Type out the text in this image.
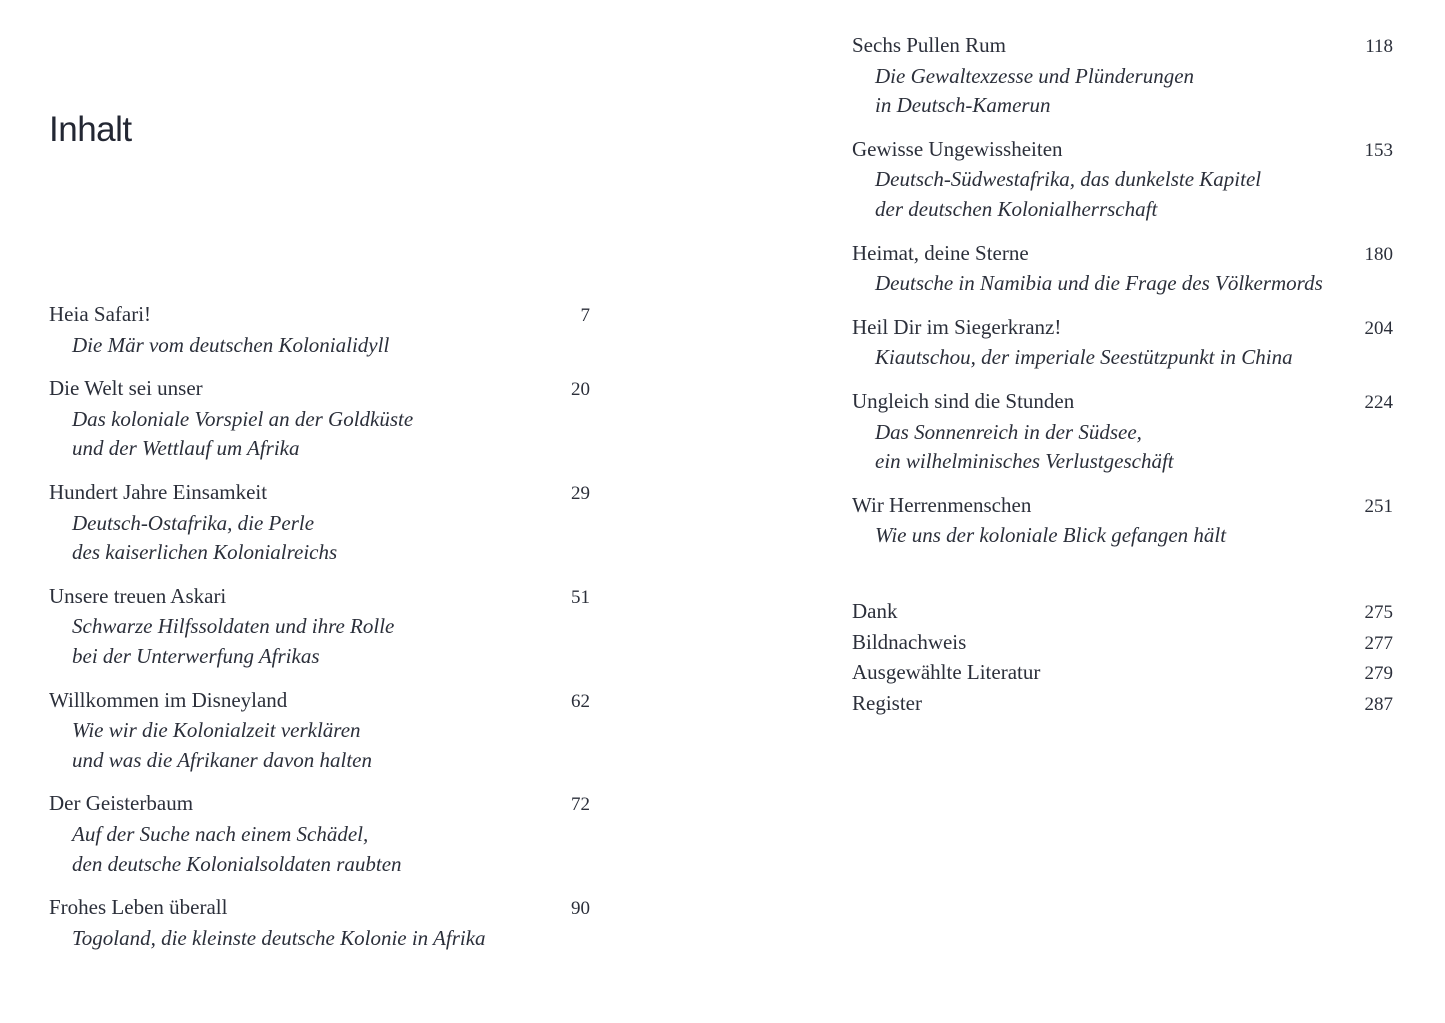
Inhalt
Heia Safari!	7
Die Mär vom deutschen Kolonialidyll
Die Welt sei unser	20
Das koloniale Vorspiel an der Goldküste
und der Wettlauf um Afrika
Hundert Jahre Einsamkeit	29
Deutsch-Ostafrika, die Perle
des kaiserlichen Kolonialreichs
Unsere treuen Askari	51
Schwarze Hilfssoldaten und ihre Rolle
bei der Unterwerfung Afrikas
Willkommen im Disneyland	62
Wie wir die Kolonialzeit verklären
und was die Afrikaner davon halten
Der Geisterbaum	72
Auf der Suche nach einem Schädel,
den deutsche Kolonialsoldaten raubten
Frohes Leben überall	90
Togoland, die kleinste deutsche Kolonie in Afrika
Sechs Pullen Rum	118
Die Gewaltexzesse und Plünderungen
in Deutsch-Kamerun
Gewisse Ungewissheiten	153
Deutsch-Südwestafrika, das dunkelste Kapitel
der deutschen Kolonialherrschaft
Heimat, deine Sterne	180
Deutsche in Namibia und die Frage des Völkermords
Heil Dir im Siegerkranz!	204
Kiautschou, der imperiale Seestützpunkt in China
Ungleich sind die Stunden	224
Das Sonnenreich in der Südsee,
ein wilhelminisches Verlustgeschäft
Wir Herrenmenschen	251
Wie uns der koloniale Blick gefangen hält
Dank	275
Bildnachweis	277
Ausgewählte Literatur	279
Register	287
